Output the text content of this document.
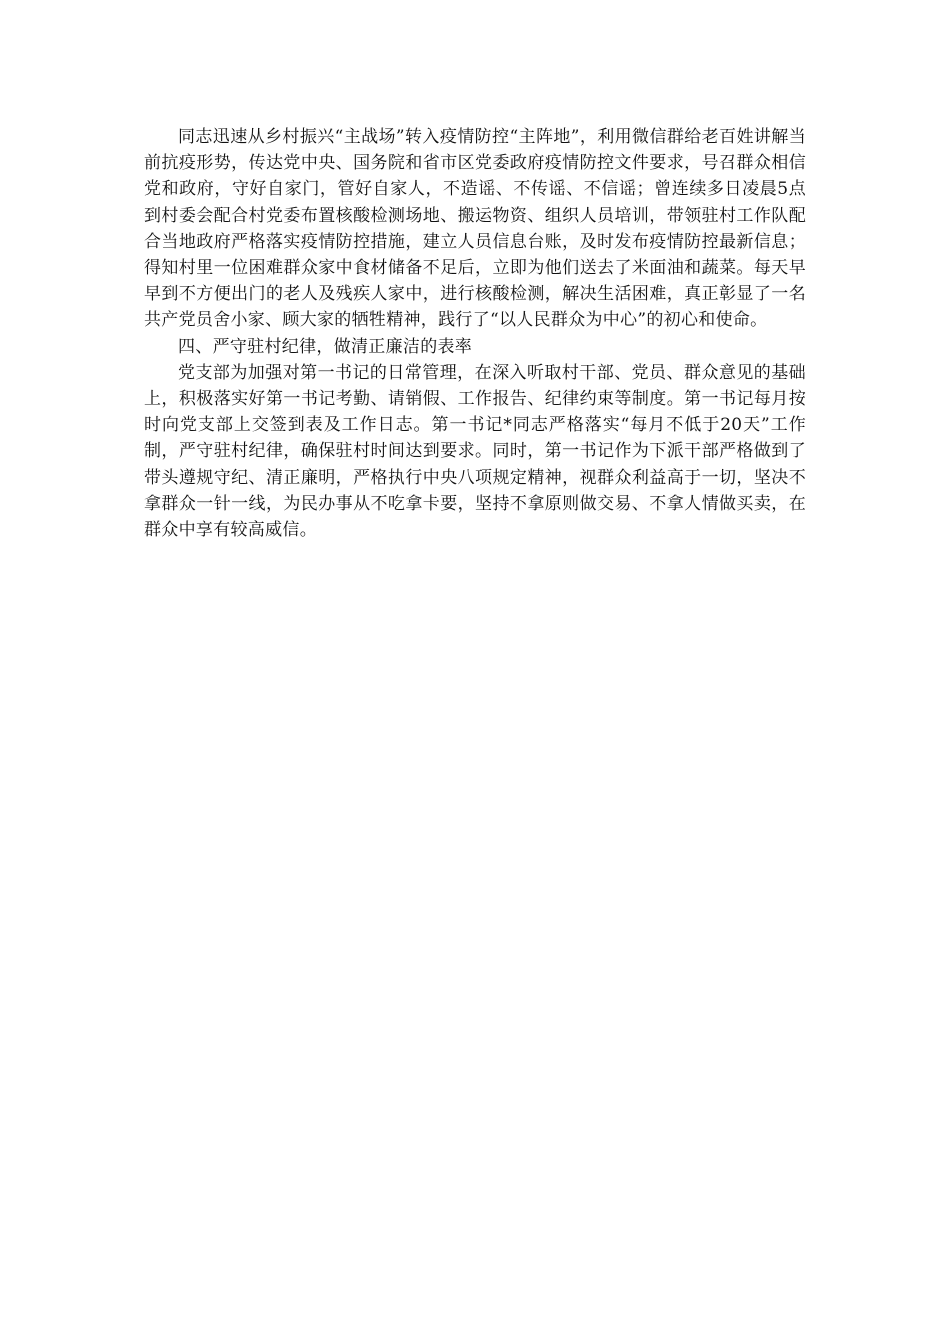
同志迅速从乡村振兴“主战场”转入疫情防控“主阵地”，利用微信群给老百姓讲解当前抗疫形势，传达党中央、国务院和省市区党委政府疫情防控文件要求，号召群众相信党和政府，守好自家门，管好自家人，不造谣、不传谣、不信谣；曾连续多日凌晨5点到村委会配合村党委布置核酸检测场地、搬运物资、组织人员培训，带领驻村工作队配合当地政府严格落实疫情防控措施，建立人员信息台账，及时发布疫情防控最新信息；得知村里一位困难群众家中食材储备不足后，立即为他们送去了米面油和蔬菜。每天早早到不方便出门的老人及残疾人家中，进行核酸检测，解决生活困难，真正彰显了一名共产党员舍小家、顾大家的牺牲精神，践行了“以人民群众为中心”的初心和使命。

四、严守驻村纪律，做清正廉洁的表率

党支部为加强对第一书记的日常管理，在深入听取村干部、党员、群众意见的基础上，积极落实好第一书记考勤、请销假、工作报告、纪律约束等制度。第一书记每月按时向党支部上交签到表及工作日志。第一书记*同志严格落实“每月不低于20天”工作制，严守驻村纪律，确保驻村时间达到要求。同时，第一书记作为下派干部严格做到了带头遵规守纪、清正廉明，严格执行中央八项规定精神，视群众利益高于一切，坚决不拿群众一针一线，为民办事从不吃拿卡要，坚持不拿原则做交易、不拿人情做买卖，在群众中享有较高威信。
